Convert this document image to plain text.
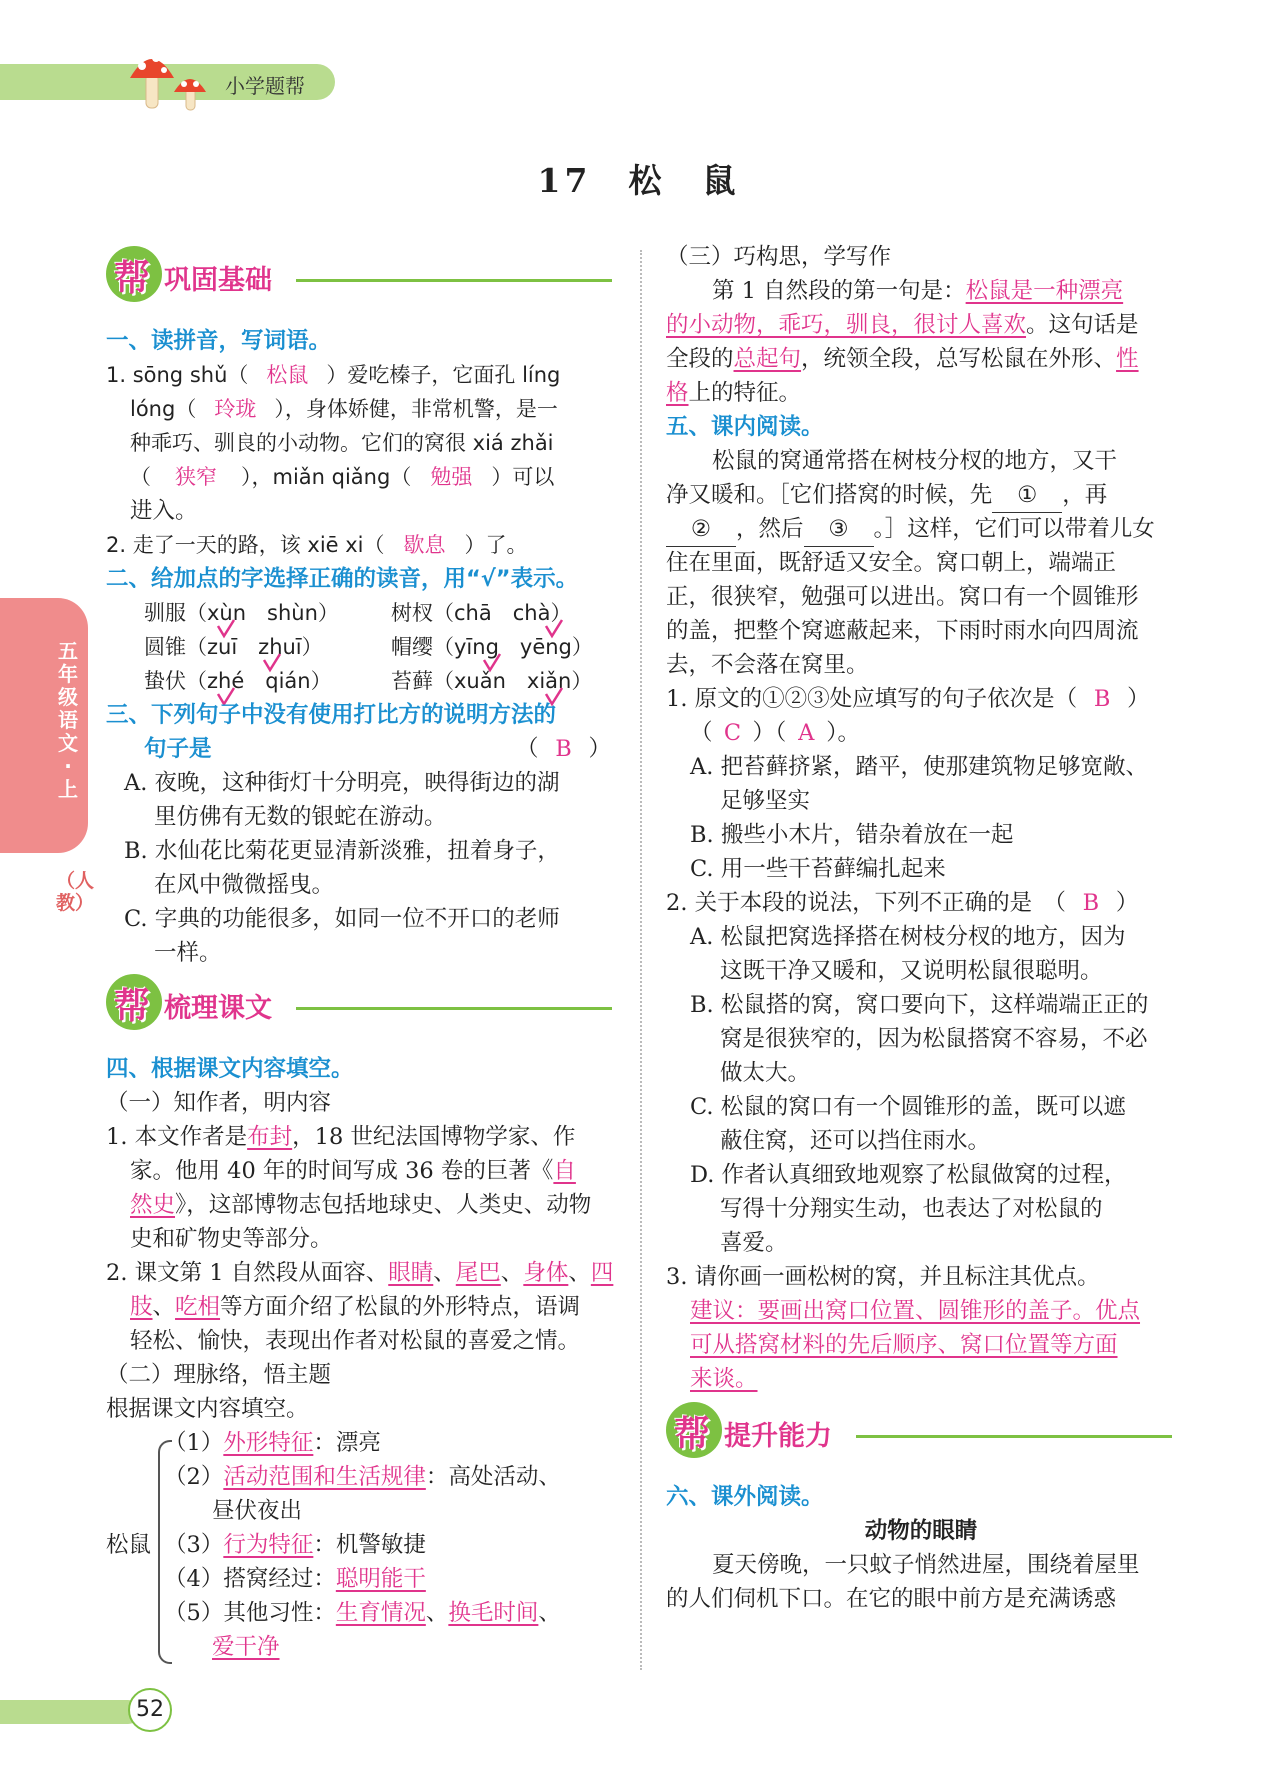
小学题帮
17　松　鼠
五年级语文·上
（人教）
帮 巩固基础
一、读拼音，写词语。
1. sōng shǔ（ 松鼠 ）爱吃榛子，它面孔 líng
lóng（ 玲珑 ），身体娇健，非常机警，是一
种乖巧、驯良的小动物。它们的窝很 xiá zhǎi
（ 狭窄 ），miǎn qiǎng（ 勉强 ）可以
进入。
2. 走了一天的路，该 xiē xi（ 歇息 ）了。
二、给加点的字选择正确的读音，用“√”表示。
驯服（xùn　shùn） 树杈（chā　chà）
圆锥（zuī　zhuī）	帽缨（yīng　yēng）
蛰伏（zhé　qián）	苔藓（xuǎn　xiǎn）
三、下列句子中没有使用打比方的说明方法的
句子是	（ B ）
A. 夜晚，这种街灯十分明亮，映得街边的湖
里仿佛有无数的银蛇在游动。
B. 水仙花比菊花更显清新淡雅，扭着身子，
在风中微微摇曳。
C. 字典的功能很多，如同一位不开口的老师
一样。
帮 梳理课文
四、根据课文内容填空。
（一）知作者，明内容
1. 本文作者是布封，18 世纪法国博物学家、作
家。他用 40 年的时间写成 36 卷的巨著《自
然史》，这部博物志包括地球史、人类史、动物
史和矿物史等部分。
2. 课文第 1 自然段从面容、眼睛、尾巴、身体、四
肢、吃相等方面介绍了松鼠的外形特点，语调
轻松、愉快，表现出作者对松鼠的喜爱之情。
（二）理脉络，悟主题
根据课文内容填空。
松鼠
（1）外形特征：漂亮
（2）活动范围和生活规律：高处活动、
昼伏夜出
（3）行为特征：机警敏捷
（4）搭窝经过：聪明能干
（5）其他习性：生育情况、换毛时间、
爱干净
（三）巧构思，学写作
第 1 自然段的第一句是：松鼠是一种漂亮
的小动物，乖巧，驯良，很讨人喜欢。这句话是
全段的总起句，统领全段，总写松鼠在外形、性
格上的特征。
五、课内阅读。
松鼠的窝通常搭在树枝分杈的地方，又干
净又暖和。［它们搭窝的时候，先 ① ，再
② ，然后 ③ 。］这样，它们可以带着儿女
住在里面，既舒适又安全。窝口朝上，端端正
正，很狭窄，勉强可以进出。窝口有一个圆锥形
的盖，把整个窝遮蔽起来，下雨时雨水向四周流
去，不会落在窝里。
1. 原文的①②③处应填写的句子依次是（ B ）
（ C ）（ A ）。
A. 把苔藓挤紧，踏平，使那建筑物足够宽敞、
足够坚实
B. 搬些小木片，错杂着放在一起
C. 用一些干苔藓编扎起来
2. 关于本段的说法，下列不正确的是　（ B ）
A. 松鼠把窝选择搭在树枝分杈的地方，因为
这既干净又暖和，又说明松鼠很聪明。
B. 松鼠搭的窝，窝口要向下，这样端端正正的
窝是很狭窄的，因为松鼠搭窝不容易，不必
做太大。
C. 松鼠的窝口有一个圆锥形的盖，既可以遮
蔽住窝，还可以挡住雨水。
D. 作者认真细致地观察了松鼠做窝的过程，
写得十分翔实生动，也表达了对松鼠的
喜爱。
3. 请你画一画松树的窝，并且标注其优点。
建议：要画出窝口位置、圆锥形的盖子。优点
可从搭窝材料的先后顺序、窝口位置等方面
来谈。
帮 提升能力
六、课外阅读。
动物的眼睛
夏天傍晚，一只蚊子悄然进屋，围绕着屋里
的人们伺机下口。在它的眼中前方是充满诱惑
52
